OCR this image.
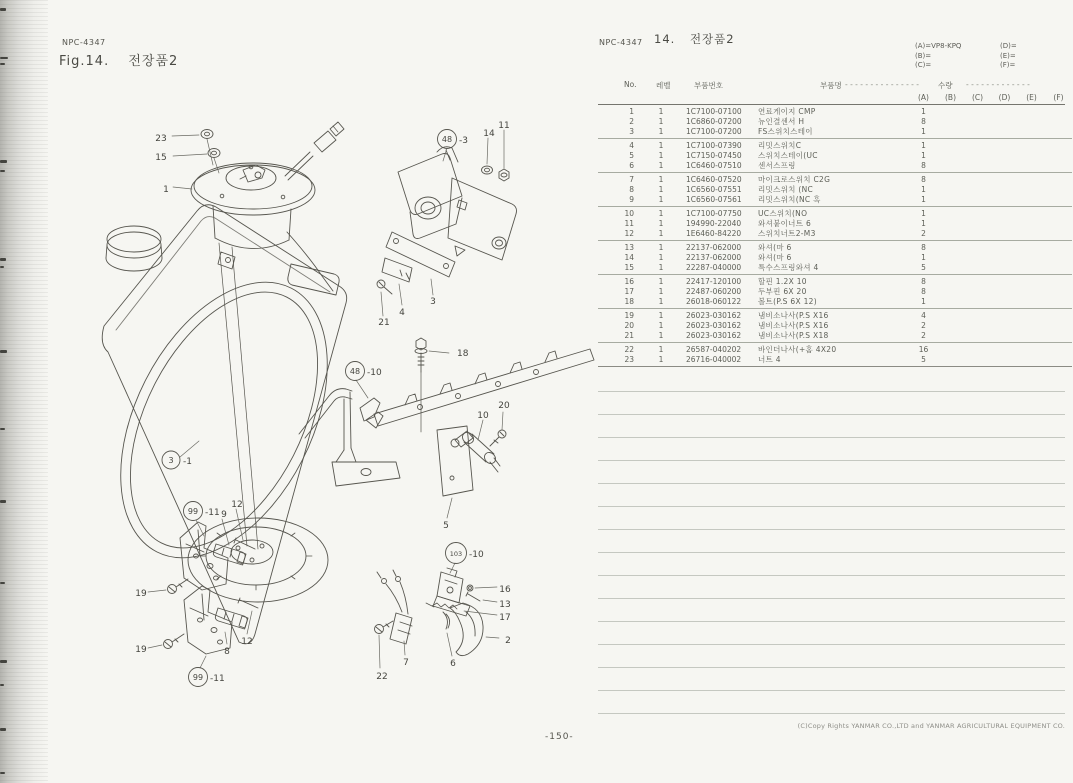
NPC-4347
Fig.14. 전장품2
-150-
NPC-4347 14. 전장품2	(A)=VP8-KPQ	(D)=
(B)=	(E)=
(C)=	(F)=
No.	레벨	부품번호	부품명 - - - - - - - - - - - - - - -	수량 - - - - - - - - - - - - -
(A)	(B)	(C)	(D)	(E)	(F)
1	1	1C7100-07100	연료게이지 CMP	1
2	1	1C6860-07200	뉴인결센서 H	8
3	1	1C7100-07200	FS스위치스테이	1
4	1	1C7100-07390	리밋스위치C	1
5	1	1C7150-07450	스위치스테이(UC	1
6	1	1C6460-07510	센서스프링	8
7	1	1C6460-07520	마이크로스위치 C2G	8
8	1	1C6560-07551	리밋스위치 (NC	1
9	1	1C6560-07561	리밋스위치(NC 흑	1
10	1	1C7100-07750	UC스위치(NO	1
11	1	194990-22040	와셔붙이너트 6	1
12	1	1E6460-84220	스위치너트2-M3	2
13	1	22137-062000	와셔(마 6	8
14	1	22137-062000	와셔(마 6	1
15	1	22287-040000	특수스프링와셔 4	5
16	1	22417-120100	할핀 1.2X 10	8
17	1	22487-060200	두부핀 6X 20	8
18	1	26018-060122	볼트(P.S 6X 12)	1
19	1	26023-030162	냄비소나사(P.S X16	4
20	1	26023-030162	냄비소나사(P.S X16	2
21	1	26023-030162	냄비소나사(P.S X18	2
22	1	26587-040202	바인더나사(+홈 4X20	16
23	1	26716-040002	너트 4	5
(C)Copy Rights YANMAR CO.,LTD and YANMAR AGRICULTURAL EQUIPMENT CO.
23
15
1
48 -3
14
11
3
4
21
18
48 -10
10
20
5
3 -1
99 -11 9
12
19
8
12
19
99 -11
103 -10
16
13
17
2
6
7
22
